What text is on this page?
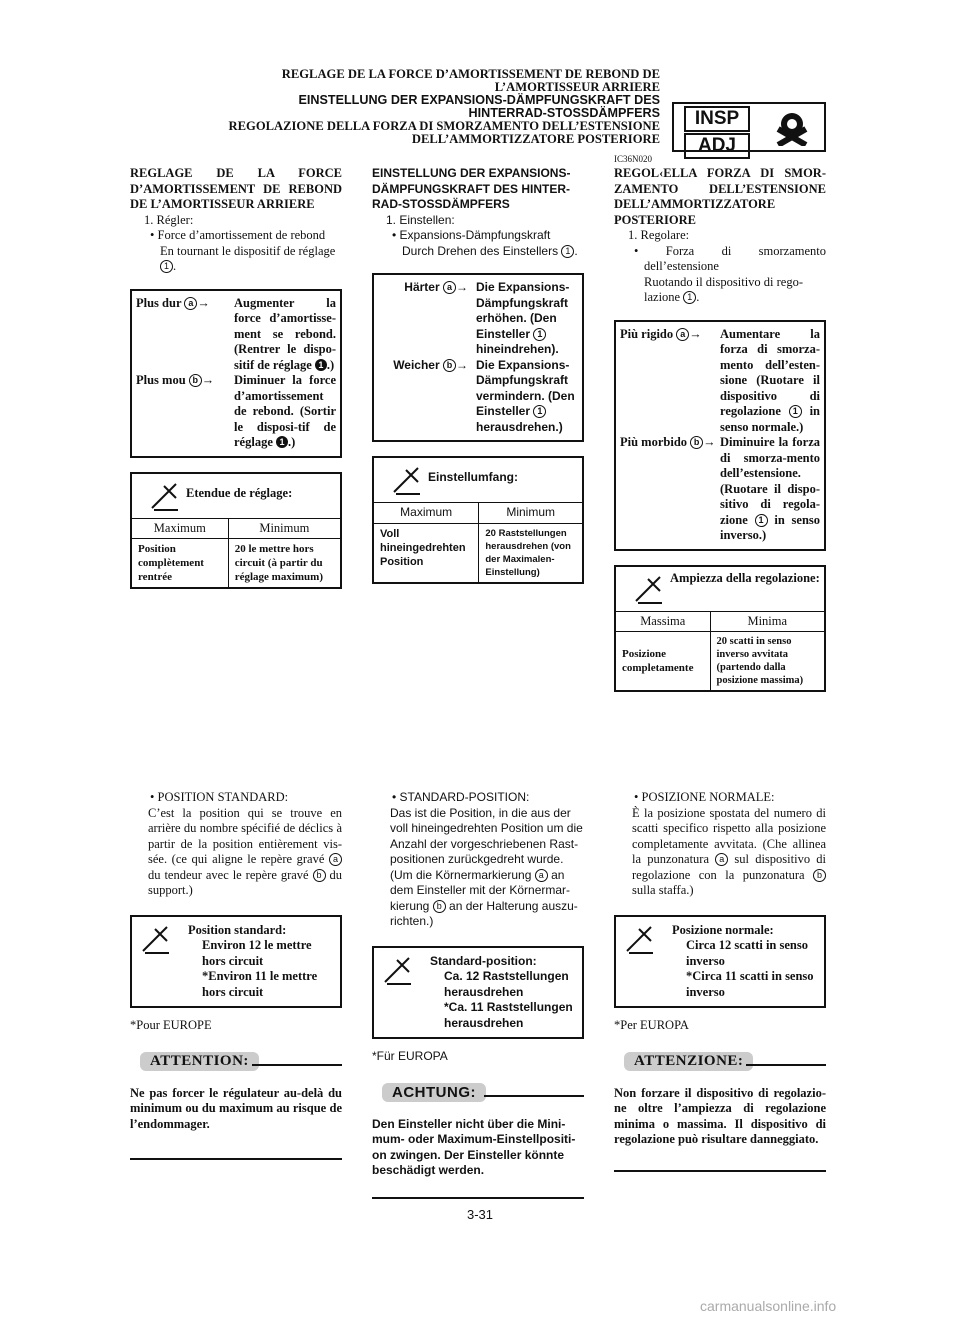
REGLAGE DE LA FORCE D’AMORTISSEMENT DE REBOND DE
L’AMORTISSEUR ARRIERE
EINSTELLUNG DER EXPANSIONS-DÄMPFUNGSKRAFT DES
HINTERRAD-STOSSDÄMPFERS
REGOLAZIONE DELLA FORZA DI SMORZAMENTO DELL’ESTENSIONE
DELL’AMMORTIZZATORE POSTERIORE
INSP
ADJ
IC36N020
REGLAGE DE LA FORCE D’AMORTISSEMENT DE REBOND DE L’AMORTISSEUR ARRIERE
1. Régler:
• Force d’amortissement de rebond
En tournant le dispositif de réglage 1 .
Plus dur a →	Augmenter la force d’amortisse-ment se rebond. (Rentrer le dispo-sitif de réglage 1 .)
Plus mou b →	Diminuer la force d’amortissement de rebond. (Sortir le disposi-tif de réglage 1 .)
Etendue de réglage:
Maximum	Minimum
Position complètement rentrée	20 le mettre hors circuit (à partir du réglage maximum)
• POSITION STANDARD:
C’est la position qui se trouve en arrière du nombre spécifié de déclics à partir de la position entièrement vis-sée. (ce qui aligne le repère gravé a du tendeur avec le repère gravé b du support.)
Position standard:
Environ 12 le mettre hors circuit
*Environ 11 le mettre hors circuit
*Pour EUROPE
ATTENTION:
Ne pas forcer le régulateur au-delà du minimum ou du maximum au risque de l’endommager.
EINSTELLUNG DER EXPANSIONS-DÄMPFUNGSKRAFT DES HINTER-RAD-STOSSDÄMPFERS
1. Einstellen:
• Expansions-Dämpfungskraft
Durch Drehen des Einstellers 1 .
Härter a →	Die Expansions-Dämpfungskraft erhöhen. (Den Einsteller 1 hineindrehen).
Weicher b →	Die Expansions-Dämpfungskraft vermindern. (Den Einsteller 1 herausdrehen.)
Einstellumfang:
Maximum	Minimum
Voll hineingedrehten Position	20 Raststellungen herausdrehen (von der Maximalen-Einstellung)
• STANDARD-POSITION:
Das ist die Position, in die aus der voll hineingedrehten Position um die Anzahl der vorgeschriebenen Rast-positionen zurückgedreht wurde. (Um die Körnermarkierung a an dem Einsteller mit der Körnermar-kierung b an der Halterung auszu-richten.)
Standard-position:
Ca. 12 Raststellungen herausdrehen
*Ca. 11 Raststellungen herausdrehen
*Für EUROPA
ACHTUNG:
Den Einsteller nicht über die Mini-mum- oder Maximum-Einstellpositi-on zwingen. Der Einsteller könnte beschädigt werden.
REGOL‹ELLA FORZA DI SMOR-ZAMENTO DELL’ESTENSIONE DELL’AMMORTIZZATORE POSTERIORE
1. Regolare:
• Forza di smorzamento dell’estensione
Ruotando il dispositivo di rego-lazione 1 .
Più rigido a →	Aumentare la forza di smorza-mento dell’esten-sione (Ruotare il dispositivo di regolazione 1 in senso normale.)
Più morbido b →	Diminuire la forza di smorza-mento dell’estensione. (Ruotare il dispo-sitivo di regola-zione 1 in senso inverso.)
Ampiezza della regolazione:
Massima	Minima
Posizione completamente	20 scatti in senso inverso avvitata (partendo dalla posizione massima)
• POSIZIONE NORMALE:
È la posizione spostata del numero di scatti specifico rispetto alla posizione completamente avvitata. (Che allinea la punzonatura a sul dispositivo di regolazione con la punzonatura b sulla staffa.)
Posizione normale:
Circa 12 scatti in senso inverso
*Circa 11 scatti in senso inverso
*Per EUROPA
ATTENZIONE:
Non forzare il dispositivo di regolazio-ne oltre l’ampiezza di regolazione minima o massima. Il dispositivo di regolazione può risultare danneggiato.
3-31
carmanualsonline.info
